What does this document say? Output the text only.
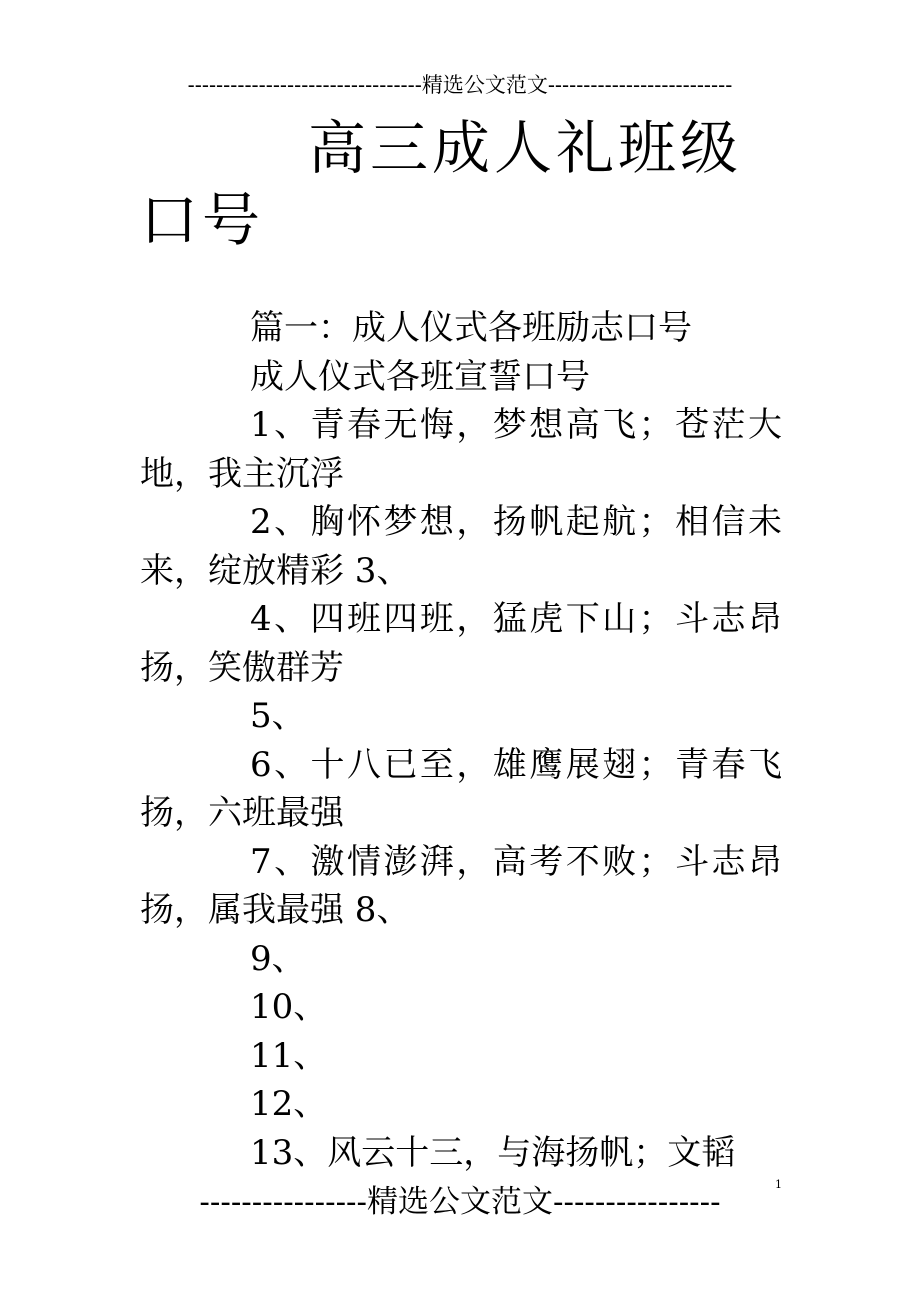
---------------------------------精选公文范文--------------------------
高三成人礼班级口号

篇一：成人仪式各班励志口号

成人仪式各班宣誓口号

1、青春无悔，梦想高飞；苍茫大地，我主沉浮

2、胸怀梦想，扬帆起航；相信未来，绽放精彩 3、

4、四班四班，猛虎下山；斗志昂扬，笑傲群芳

5、

6、十八已至，雄鹰展翅；青春飞扬，六班最强

7、激情澎湃，高考不败；斗志昂扬，属我最强 8、

9、

10、

11、

12、

13、风云十三，与海扬帆；文韬

1
----------------精选公文范文----------------
